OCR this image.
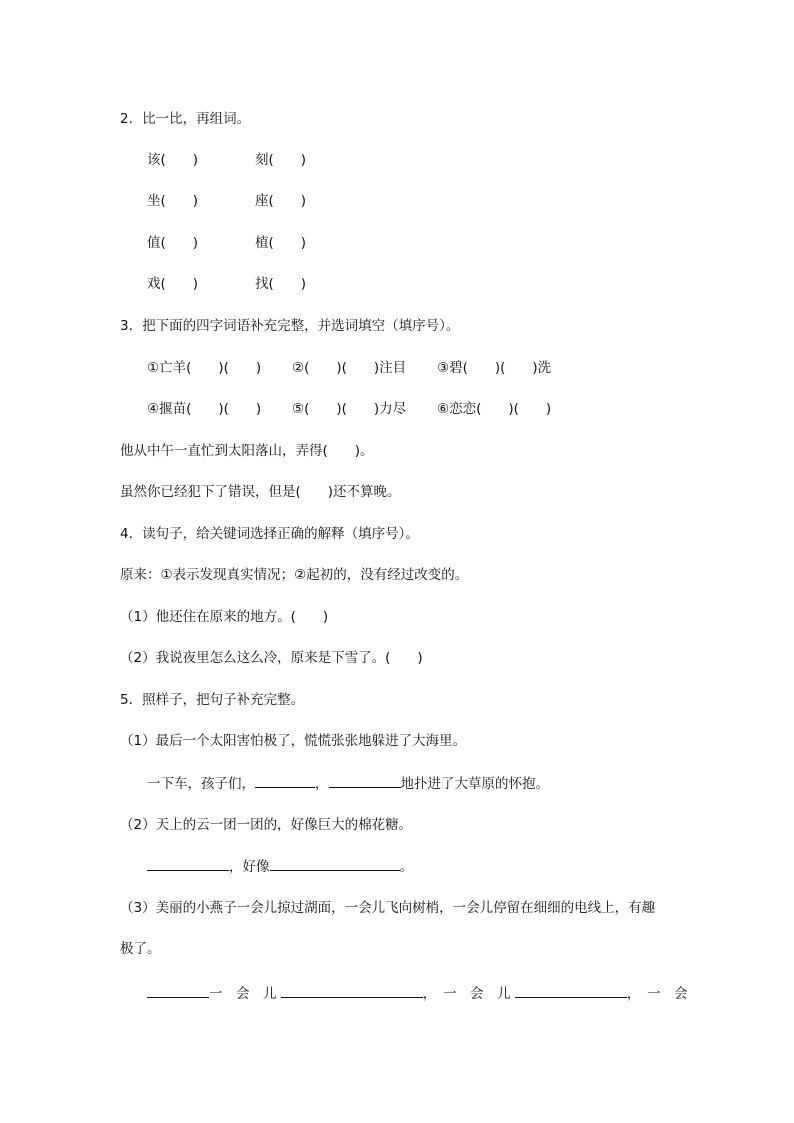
2．比一比，再组词。
该(　　)	刻(　　)
坐(　　)	座(　　)
值(　　)	植(　　)
戏(　　)	找(　　)
3．把下面的四字词语补充完整，并选词填空（填序号）。
①亡羊(　　)(　　) ②(　　)(　　)注目 ③碧(　　)(　　)洗
④揠苗(　　)(　　) ⑤(　　)(　　)力尽 ⑥恋恋(　　)(　　)
他从中午一直忙到太阳落山，弄得(　　)。
虽然你已经犯下了错误，但是(　　)还不算晚。
4．读句子，给关键词选择正确的解释（填序号）。
原来：①表示发现真实情况；②起初的，没有经过改变的。
（1）他还住在原来的地方。(　　)
（2）我说夜里怎么这么冷，原来是下雪了。(　　)
5．照样子，把句子补充完整。
（1）最后一个太阳害怕极了，慌慌张张地躲进了大海里。
一下车，孩子们，	，	地扑进了大草原的怀抱。
（2）天上的云一团一团的，好像巨大的棉花糖。
，好像	。
（3）美丽的小燕子一会儿掠过湖面，一会儿飞向树梢，一会儿停留在细细的电线上，有趣
极了。
一　会　儿	，　一　会　儿	，　一　会
